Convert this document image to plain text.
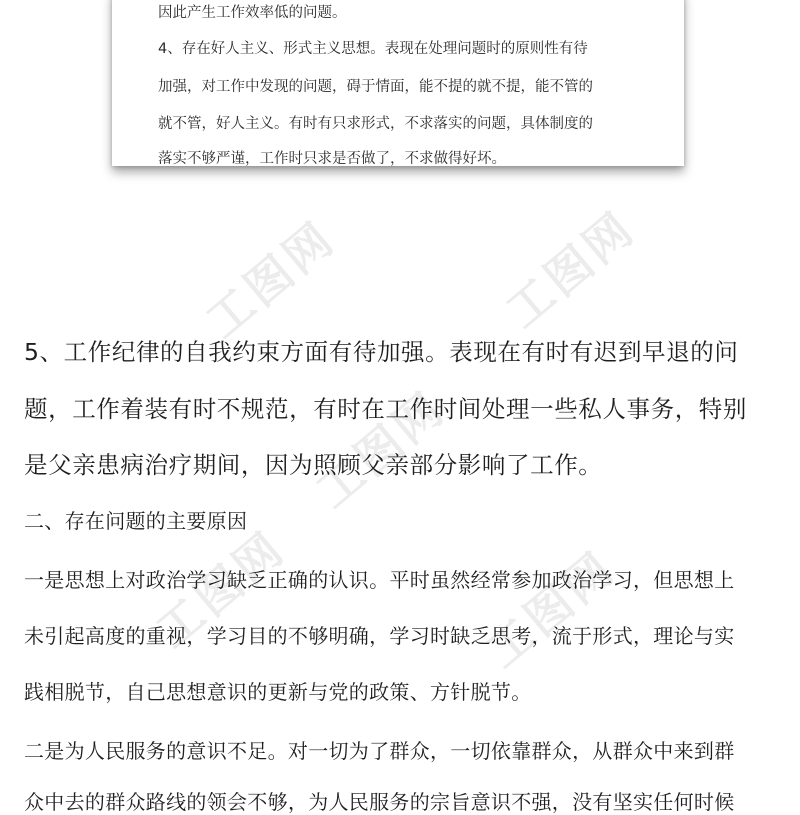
工图网	工图网
工图网
工图网	工图网
因此产生工作效率低的问题。
4、存在好人主义、形式主义思想。表现在处理问题时的原则性有待
加强，对工作中发现的问题，碍于情面，能不提的就不提，能不管的
就不管，好人主义。有时有只求形式，不求落实的问题，具体制度的
落实不够严谨，工作时只求是否做了，不求做得好坏。
5、工作纪律的自我约束方面有待加强。表现在有时有迟到早退的问
题，工作着装有时不规范，有时在工作时间处理一些私人事务，特别
是父亲患病治疗期间，因为照顾父亲部分影响了工作。
二、存在问题的主要原因
一是思想上对政治学习缺乏正确的认识。平时虽然经常参加政治学习，但思想上
未引起高度的重视，学习目的不够明确，学习时缺乏思考，流于形式，理论与实
践相脱节，自己思想意识的更新与党的政策、方针脱节。
二是为人民服务的意识不足。对一切为了群众，一切依靠群众，从群众中来到群
众中去的群众路线的领会不够，为人民服务的宗旨意识不强，没有坚实任何时候
